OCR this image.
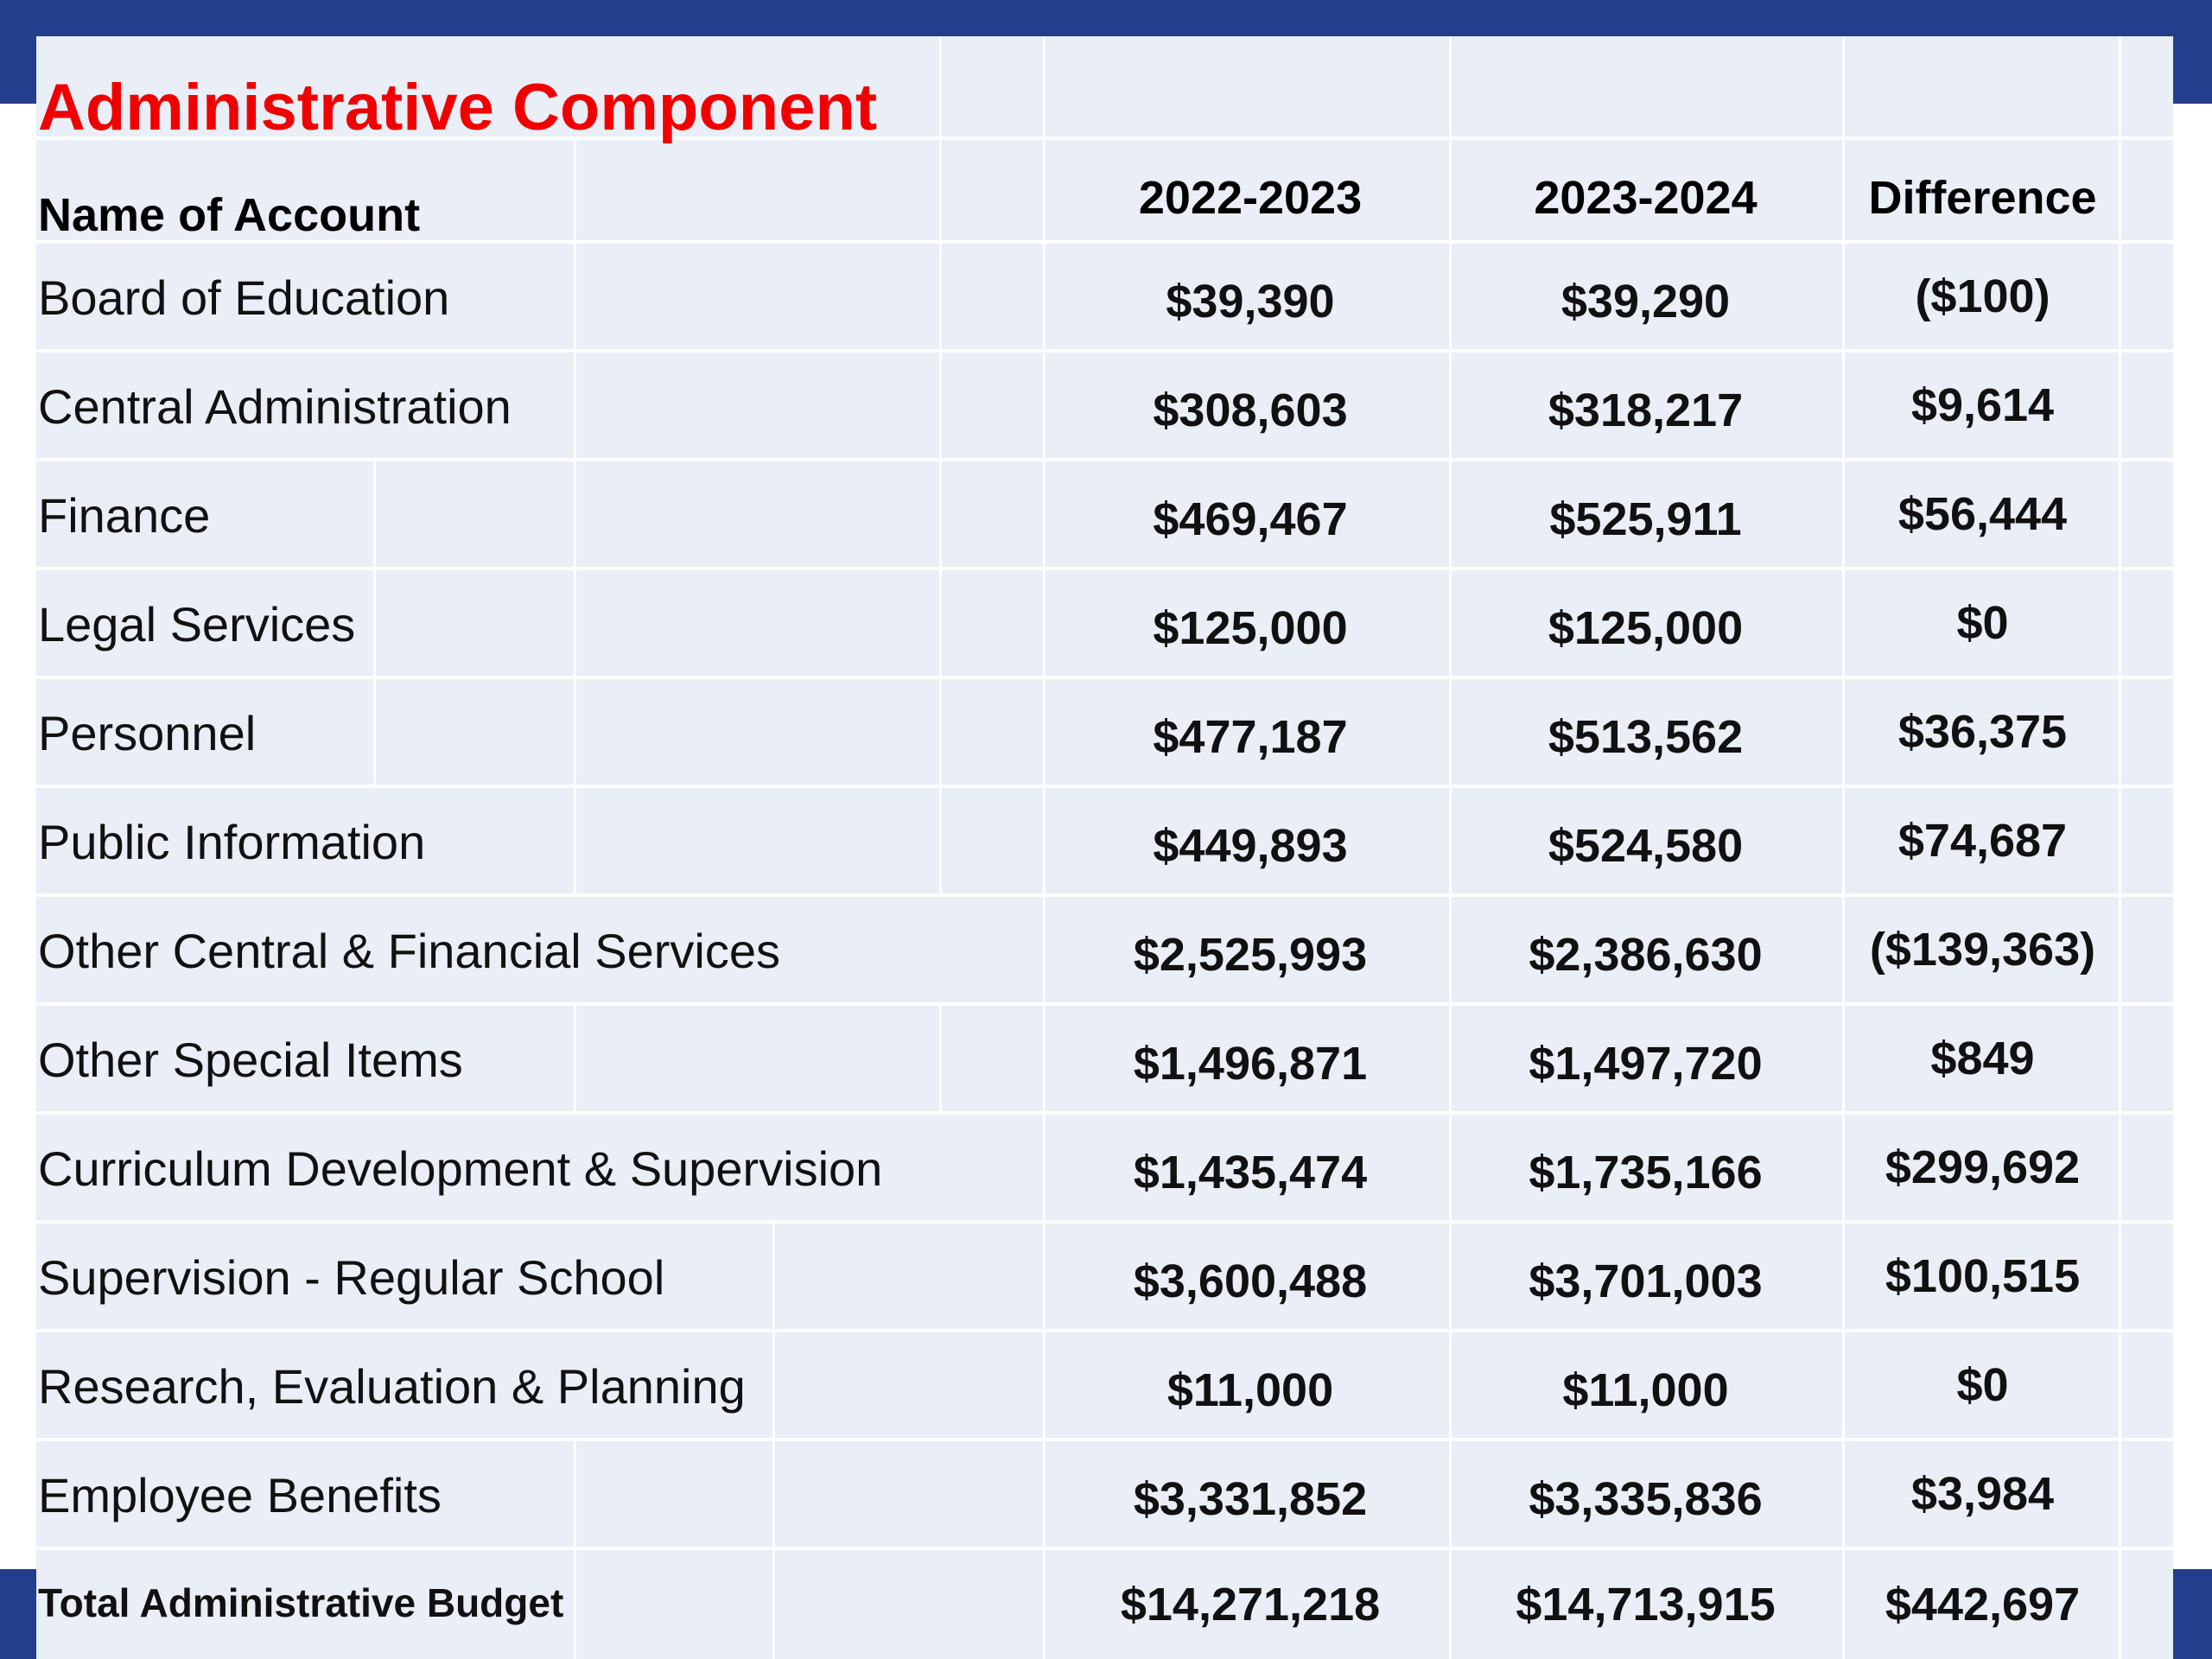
Administrative Component
Name of Account	2022-2023	2023-2024	Difference
Board of Education	$39,390	$39,290	($100)
Central Administration	$308,603	$318,217	$9,614
Finance	$469,467	$525,911	$56,444
Legal Services	$125,000	$125,000	$0
Personnel	$477,187	$513,562	$36,375
Public Information	$449,893	$524,580	$74,687
Other Central & Financial Services	$2,525,993	$2,386,630	($139,363)
Other Special Items	$1,496,871	$1,497,720	$849
Curriculum Development & Supervision	$1,435,474	$1,735,166	$299,692
Supervision - Regular School	$3,600,488	$3,701,003	$100,515
Research, Evaluation & Planning	$11,000	$11,000	$0
Employee Benefits	$3,331,852	$3,335,836	$3,984
Total Administrative Budget	$14,271,218	$14,713,915	$442,697
